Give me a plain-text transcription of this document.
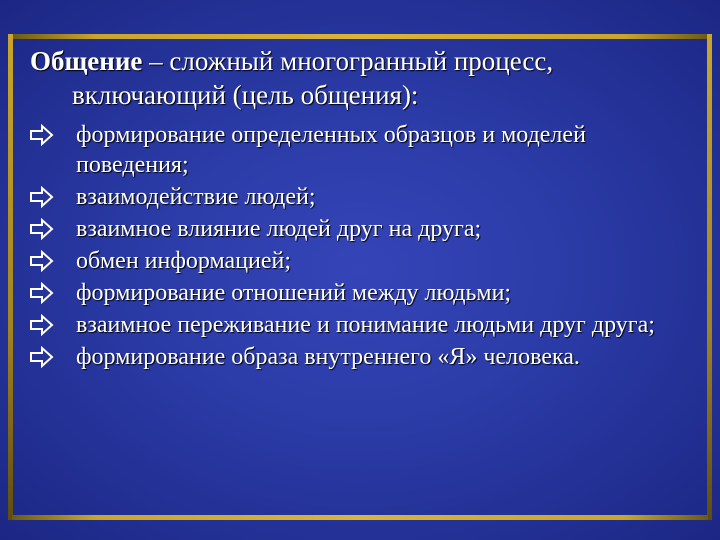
Общение – сложный многогранный процесс,
включающий (цель общения):
формирование определенных образцов и моделей поведения;
взаимодействие людей;
взаимное влияние людей друг на друга;
обмен информацией;
формирование отношений между людьми;
взаимное переживание и понимание людьми друг друга;
формирование образа внутреннего «Я» человека.
